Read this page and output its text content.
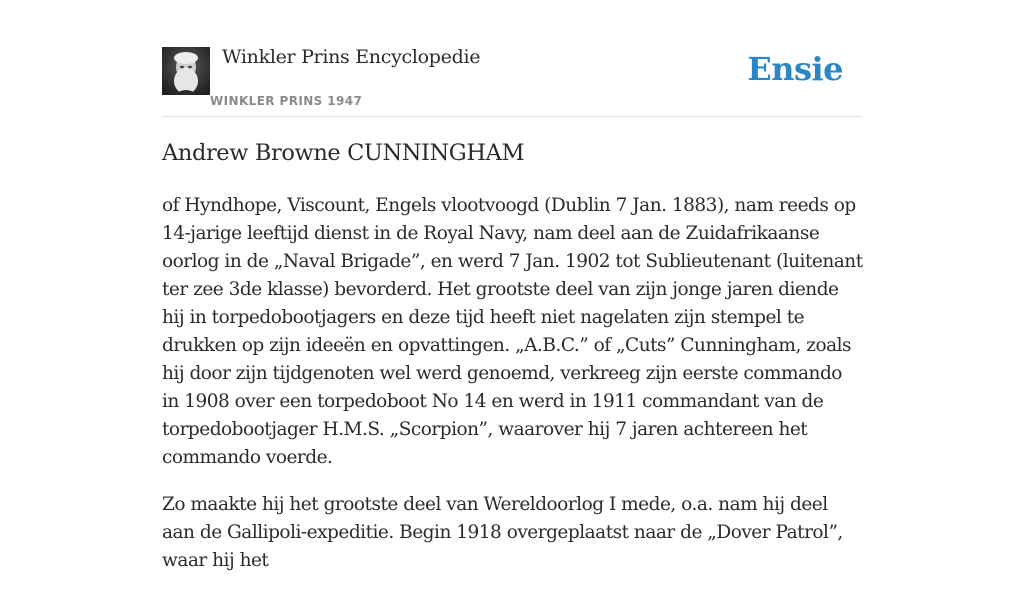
Winkler Prins Encyclopedie
WINKLER PRINS 1947
Ensie
Andrew Browne CUNNINGHAM

of Hyndhope, Viscount, Engels vlootvoogd (Dublin 7 Jan. 1883), nam reeds op 14-jarige leeftijd dienst in de Royal Navy, nam deel aan de Zuidafrikaanse oorlog in de „Naval Brigade”, en werd 7 Jan. 1902 tot Sublieutenant (luitenant ter zee 3de klasse) bevorderd. Het grootste deel van zijn jonge jaren diende hij in torpedobootjagers en deze tijd heeft niet nagelaten zijn stempel te drukken op zijn ideeën en opvattingen. „A.B.C.” of „Cuts” Cunningham, zoals hij door zijn tijdgenoten wel werd genoemd, verkreeg zijn eerste commando in 1908 over een torpedoboot No 14 en werd in 1911 commandant van de torpedobootjager H.M.S. „Scorpion”, waarover hij 7 jaren achtereen het commando voerde.

Zo maakte hij het grootste deel van Wereldoorlog I mede, o.a. nam hij deel aan de Gallipoli-expeditie. Begin 1918 overgeplaatst naar de „Dover Patrol”, waar hij het
